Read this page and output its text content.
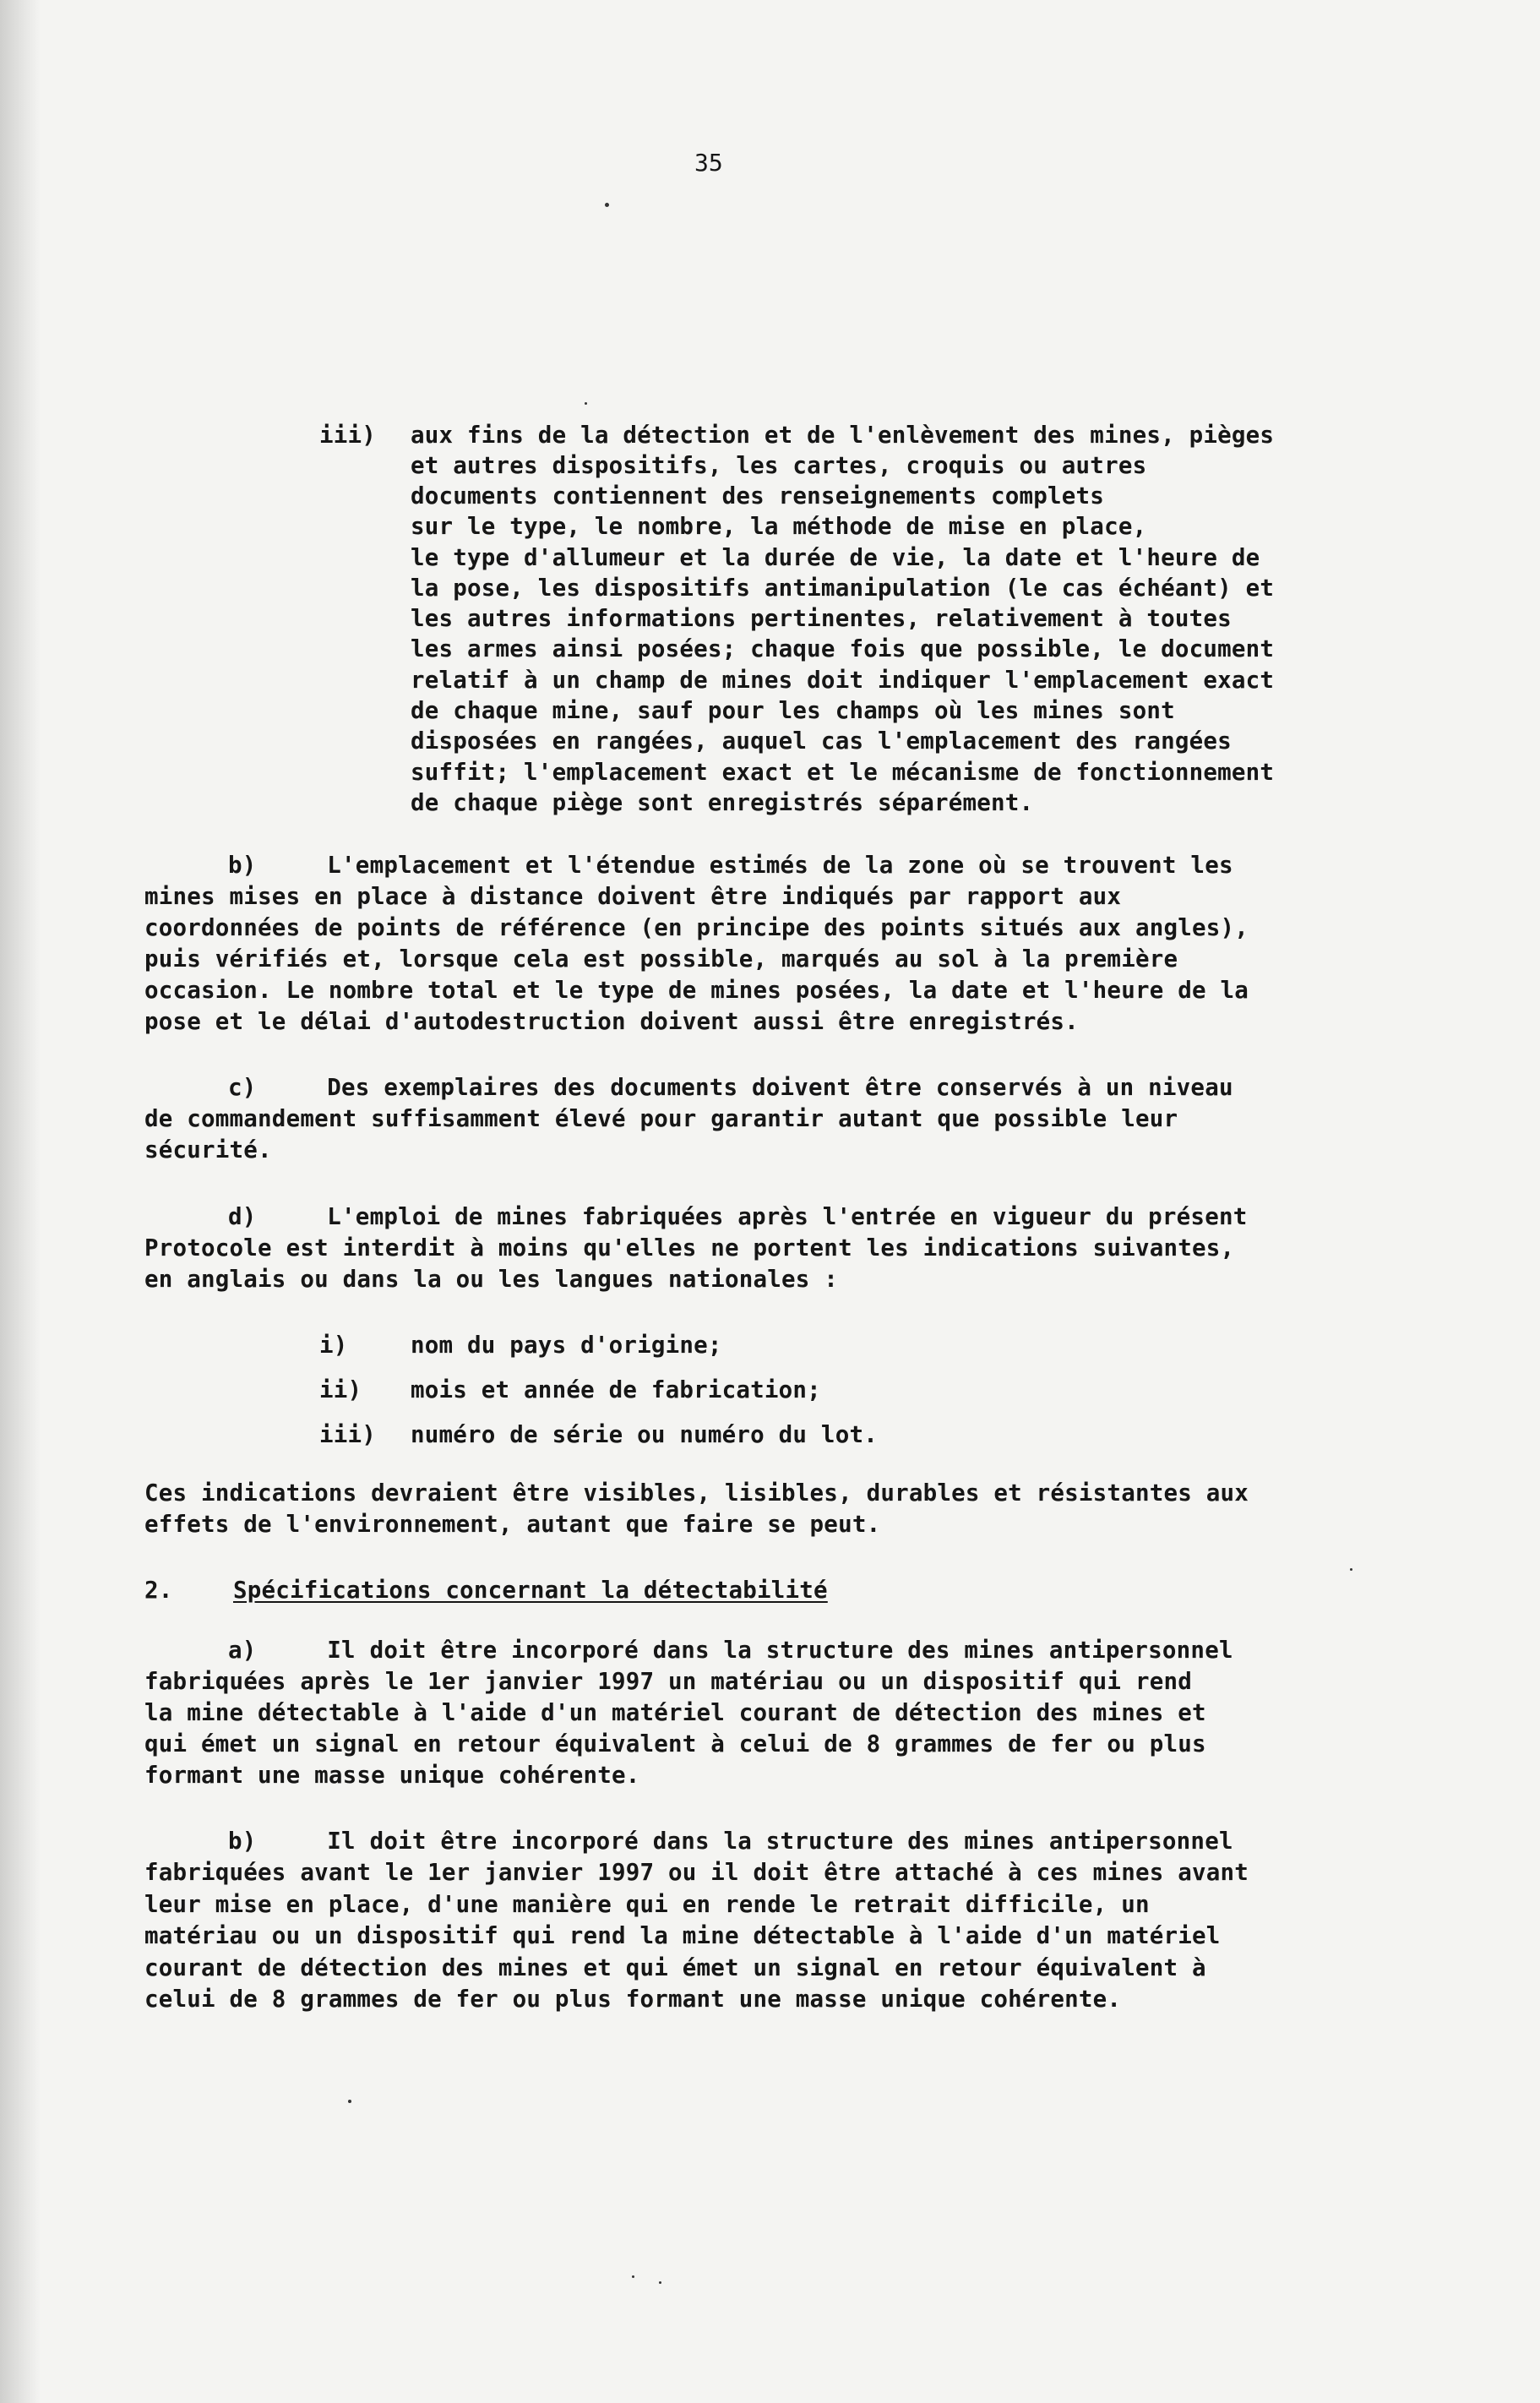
35
iii) aux fins de la détection et de l'enlèvement des mines, pièges
et autres dispositifs, les cartes, croquis ou autres
documents contiennent des renseignements complets
sur le type, le nombre, la méthode de mise en place,
le type d'allumeur et la durée de vie, la date et l'heure de
la pose, les dispositifs antimanipulation (le cas échéant) et
les autres informations pertinentes, relativement à toutes
les armes ainsi posées; chaque fois que possible, le document
relatif à un champ de mines doit indiquer l'emplacement exact
de chaque mine, sauf pour les champs où les mines sont
disposées en rangées, auquel cas l'emplacement des rangées
suffit; l'emplacement exact et le mécanisme de fonctionnement
de chaque piège sont enregistrés séparément.
b)     L'emplacement et l'étendue estimés de la zone où se trouvent les
mines mises en place à distance doivent être indiqués par rapport aux
coordonnées de points de référence (en principe des points situés aux angles),
puis vérifiés et, lorsque cela est possible, marqués au sol à la première
occasion. Le nombre total et le type de mines posées, la date et l'heure de la
pose et le délai d'autodestruction doivent aussi être enregistrés.
c)     Des exemplaires des documents doivent être conservés à un niveau
de commandement suffisamment élevé pour garantir autant que possible leur
sécurité.
d)     L'emploi de mines fabriquées après l'entrée en vigueur du présent
Protocole est interdit à moins qu'elles ne portent les indications suivantes,
en anglais ou dans la ou les langues nationales :
i)	nom du pays d'origine;
ii) mois et année de fabrication;
iii) numéro de série ou numéro du lot.
Ces indications devraient être visibles, lisibles, durables et résistantes aux
effets de l'environnement, autant que faire se peut.
2.	Spécifications concernant la détectabilité
a)     Il doit être incorporé dans la structure des mines antipersonnel
fabriquées après le 1er janvier 1997 un matériau ou un dispositif qui rend
la mine détectable à l'aide d'un matériel courant de détection des mines et
qui émet un signal en retour équivalent à celui de 8 grammes de fer ou plus
formant une masse unique cohérente.
b)     Il doit être incorporé dans la structure des mines antipersonnel
fabriquées avant le 1er janvier 1997 ou il doit être attaché à ces mines avant
leur mise en place, d'une manière qui en rende le retrait difficile, un
matériau ou un dispositif qui rend la mine détectable à l'aide d'un matériel
courant de détection des mines et qui émet un signal en retour équivalent à
celui de 8 grammes de fer ou plus formant une masse unique cohérente.
